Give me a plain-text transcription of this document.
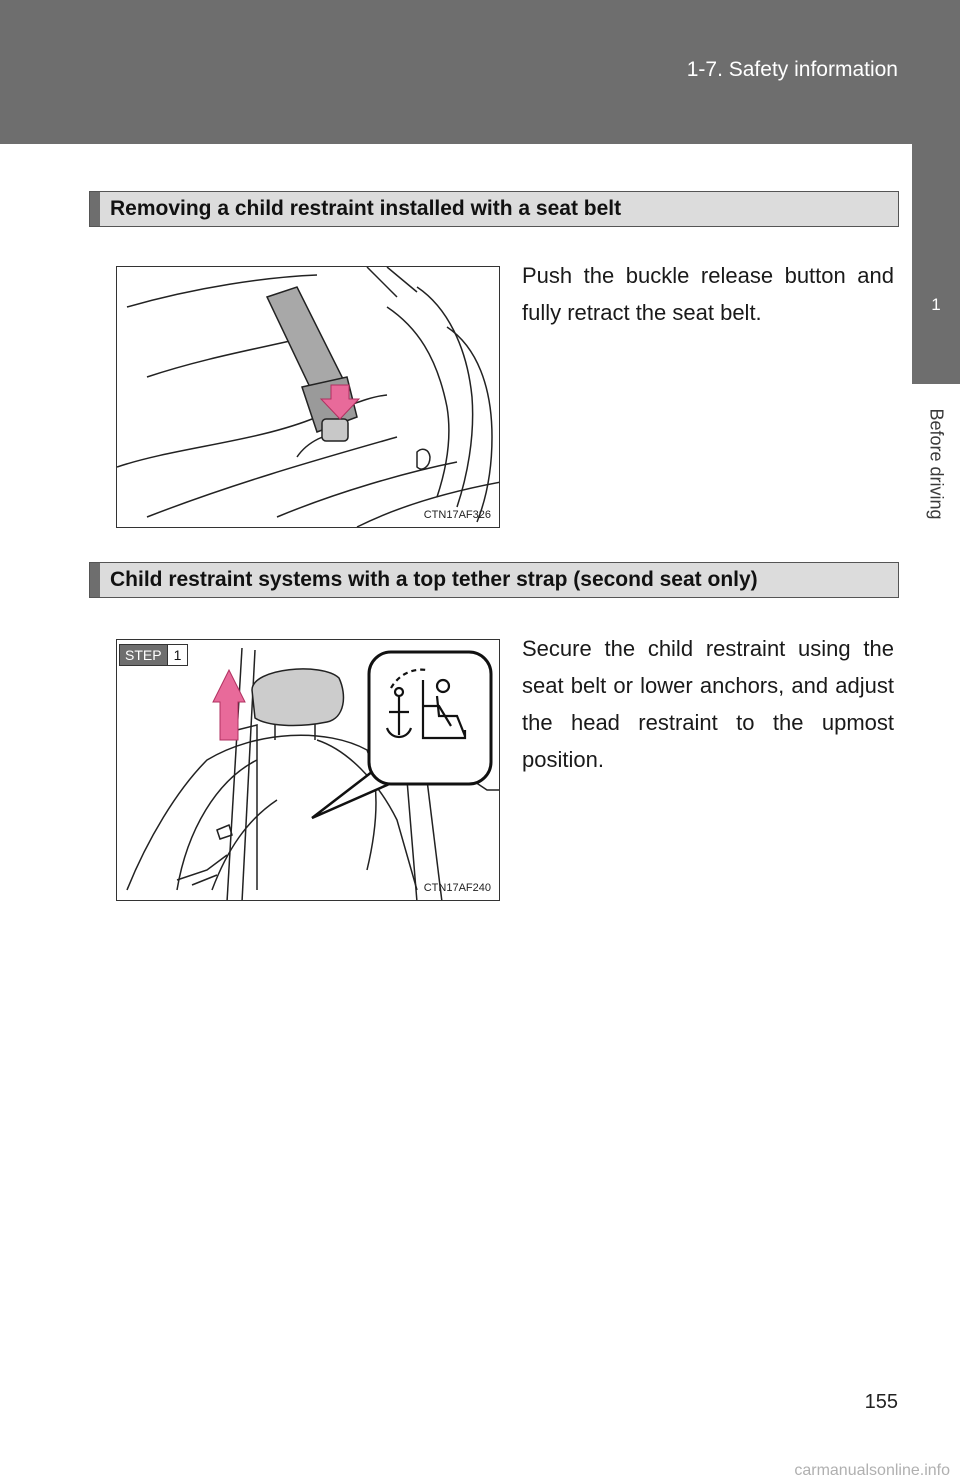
1-7. Safety information
1
Before driving
Removing a child restraint installed with a seat belt
CTN17AF326
Push the buckle release button and fully retract the seat belt.
Child restraint systems with a top tether strap (second seat only)
STEP 1
CTN17AF240
Secure the child restraint using the seat belt or lower anchors, and adjust the head restraint to the upmost position.
155
carmanualsonline.info
